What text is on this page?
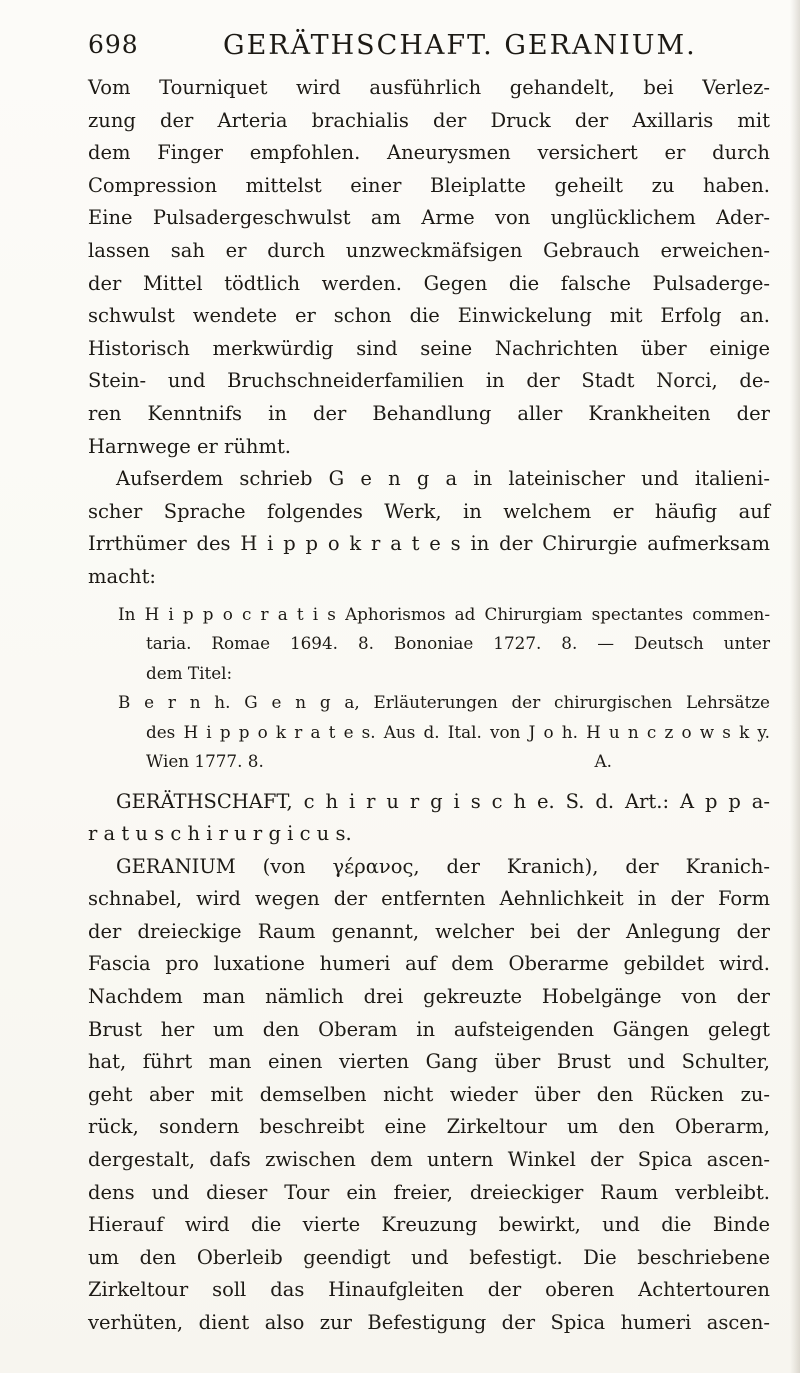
698	GERÄTHSCHAFT. GERANIUM.
Vom Tourniquet wird ausführlich gehandelt, bei Verlez-
zung der Arteria brachialis der Druck der Axillaris mit
dem Finger empfohlen. Aneurysmen versichert er durch
Compression mittelst einer Bleiplatte geheilt zu haben.
Eine Pulsadergeschwulst am Arme von unglücklichem Ader-
lassen sah er durch unzweckmäfsigen Gebrauch erweichen-
der Mittel tödtlich werden. Gegen die falsche Pulsaderge-
schwulst wendete er schon die Einwickelung mit Erfolg an.
Historisch merkwürdig sind seine Nachrichten über einige
Stein- und Bruchschneiderfamilien in der Stadt Norci, de-
ren Kenntnifs in der Behandlung aller Krankheiten der
Harnwege er rühmt.
Aufserdem schrieb G e n g a in lateinischer und italieni-
scher Sprache folgendes Werk, in welchem er häufig auf
Irrthümer des H i p p o k r a t e s in der Chirurgie aufmerksam
macht:
In H i p p o c r a t i s Aphorismos ad Chirurgiam spectantes commen-
taria. Romae 1694. 8. Bononiae 1727. 8. — Deutsch unter
dem Titel:
B e r n h. G e n g a, Erläuterungen der chirurgischen Lehrsätze
des H i p p o k r a t e s. Aus d. Ital. von J o h. H u n c z o w s k y.
Wien 1777. 8.                                                              A.
GERÄTHSCHAFT, c h i r u r g i s c h e. S. d. Art.: A p p a-
r a t u s c h i r u r g i c u s.
GERANIUM (von γέρανος, der Kranich), der Kranich-
schnabel, wird wegen der entfernten Aehnlichkeit in der Form
der dreieckige Raum genannt, welcher bei der Anlegung der
Fascia pro luxatione humeri auf dem Oberarme gebildet wird.
Nachdem man nämlich drei gekreuzte Hobelgänge von der
Brust her um den Oberam in aufsteigenden Gängen gelegt
hat, führt man einen vierten Gang über Brust und Schulter,
geht aber mit demselben nicht wieder über den Rücken zu-
rück, sondern beschreibt eine Zirkeltour um den Oberarm,
dergestalt, dafs zwischen dem untern Winkel der Spica ascen-
dens und dieser Tour ein freier, dreieckiger Raum verbleibt.
Hierauf wird die vierte Kreuzung bewirkt, und die Binde
um den Oberleib geendigt und befestigt. Die beschriebene
Zirkeltour soll das Hinaufgleiten der oberen Achtertouren
verhüten, dient also zur Befestigung der Spica humeri ascen-
